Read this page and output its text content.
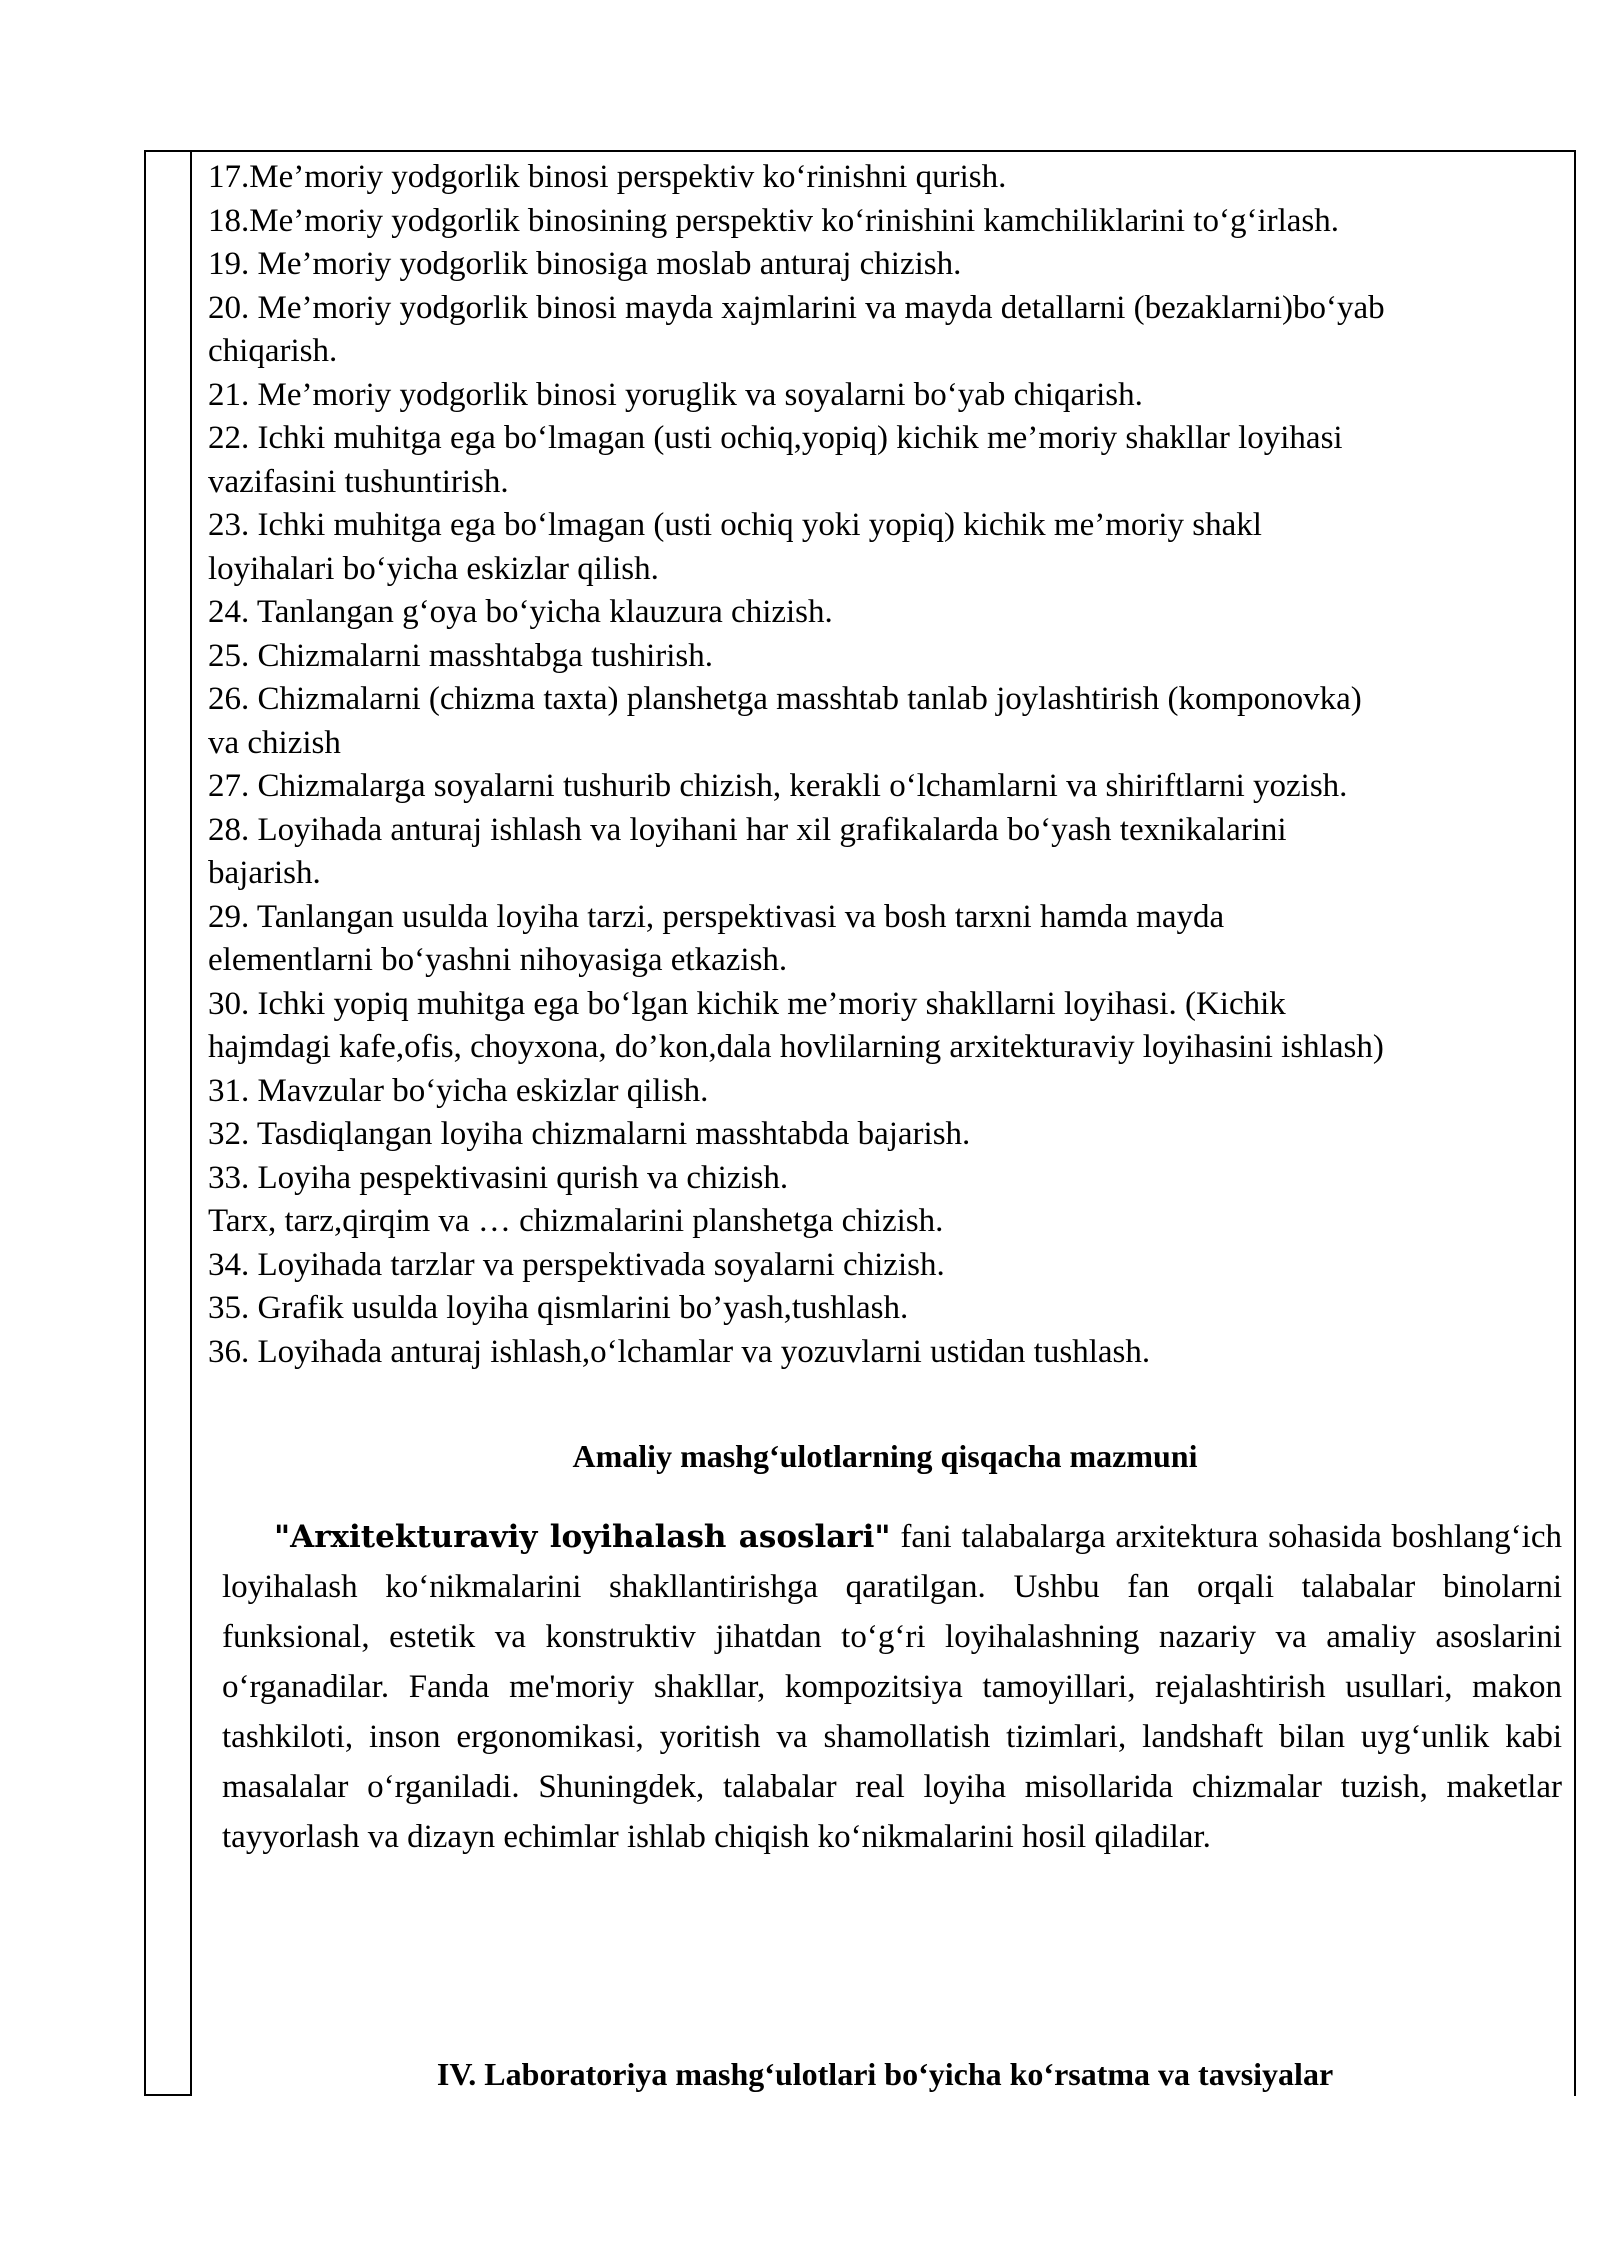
17.Me’moriy yodgorlik binosi perspektiv ko‘rinishni qurish.

18.Me’moriy yodgorlik binosining perspektiv ko‘rinishini kamchiliklarini to‘g‘irlash.

19. Me’moriy yodgorlik binosiga moslab anturaj chizish.

20. Me’moriy yodgorlik binosi mayda xajmlarini va mayda detallarni (bezaklarni)bo‘yab

chiqarish.

21. Me’moriy yodgorlik binosi yoruglik va soyalarni bo‘yab chiqarish.

22. Ichki muhitga ega bo‘lmagan (usti ochiq,yopiq) kichik me’moriy shakllar loyihasi

vazifasini tushuntirish.

23. Ichki muhitga ega bo‘lmagan (usti ochiq yoki yopiq) kichik me’moriy shakl

loyihalari bo‘yicha eskizlar qilish.

24. Tanlangan g‘oya bo‘yicha klauzura chizish.

25. Chizmalarni masshtabga tushirish.

26. Chizmalarni (chizma taxta) planshetga masshtab tanlab joylashtirish (komponovka)

va chizish

27. Chizmalarga soyalarni tushurib chizish, kerakli o‘lchamlarni va shiriftlarni yozish.

28. Loyihada anturaj ishlash va loyihani har xil grafikalarda bo‘yash texnikalarini

bajarish.

29. Tanlangan usulda loyiha tarzi, perspektivasi va bosh tarxni hamda mayda

elementlarni bo‘yashni nihoyasiga etkazish.

30. Ichki yopiq muhitga ega bo‘lgan kichik me’moriy shakllarni loyihasi. (Kichik

hajmdagi kafe,ofis, choyxona, do’kon,dala hovlilarning arxitekturaviy loyihasini ishlash)

31. Mavzular bo‘yicha eskizlar qilish.

32. Tasdiqlangan loyiha chizmalarni masshtabda bajarish.

33. Loyiha pespektivasini qurish va chizish.

Tarx, tarz,qirqim va … chizmalarini planshetga chizish.

34. Loyihada tarzlar va perspektivada soyalarni chizish.

35. Grafik usulda loyiha qismlarini bo’yash,tushlash.

36. Loyihada anturaj ishlash,o‘lchamlar va yozuvlarni ustidan tushlash.

Amaliy mashg‘ulotlarning qisqacha mazmuni
"Arxitekturaviy loyihalash asoslari" fani talabalarga arxitektura sohasida boshlang‘ich loyihalash ko‘nikmalarini shakllantirishga qaratilgan. Ushbu fan orqali talabalar binolarni funksional, estetik va konstruktiv jihatdan to‘g‘ri loyihalashning nazariy va amaliy asoslarini o‘rganadilar. Fanda me'moriy shakllar, kompozitsiya tamoyillari, rejalashtirish usullari, makon tashkiloti, inson ergonomikasi, yoritish va shamollatish tizimlari, landshaft bilan uyg‘unlik kabi masalalar o‘rganiladi. Shuningdek, talabalar real loyiha misollarida chizmalar tuzish, maketlar tayyorlash va dizayn echimlar ishlab chiqish ko‘nikmalarini hosil qiladilar.
IV. Laboratoriya mashg‘ulotlari bo‘yicha ko‘rsatma va tavsiyalar
